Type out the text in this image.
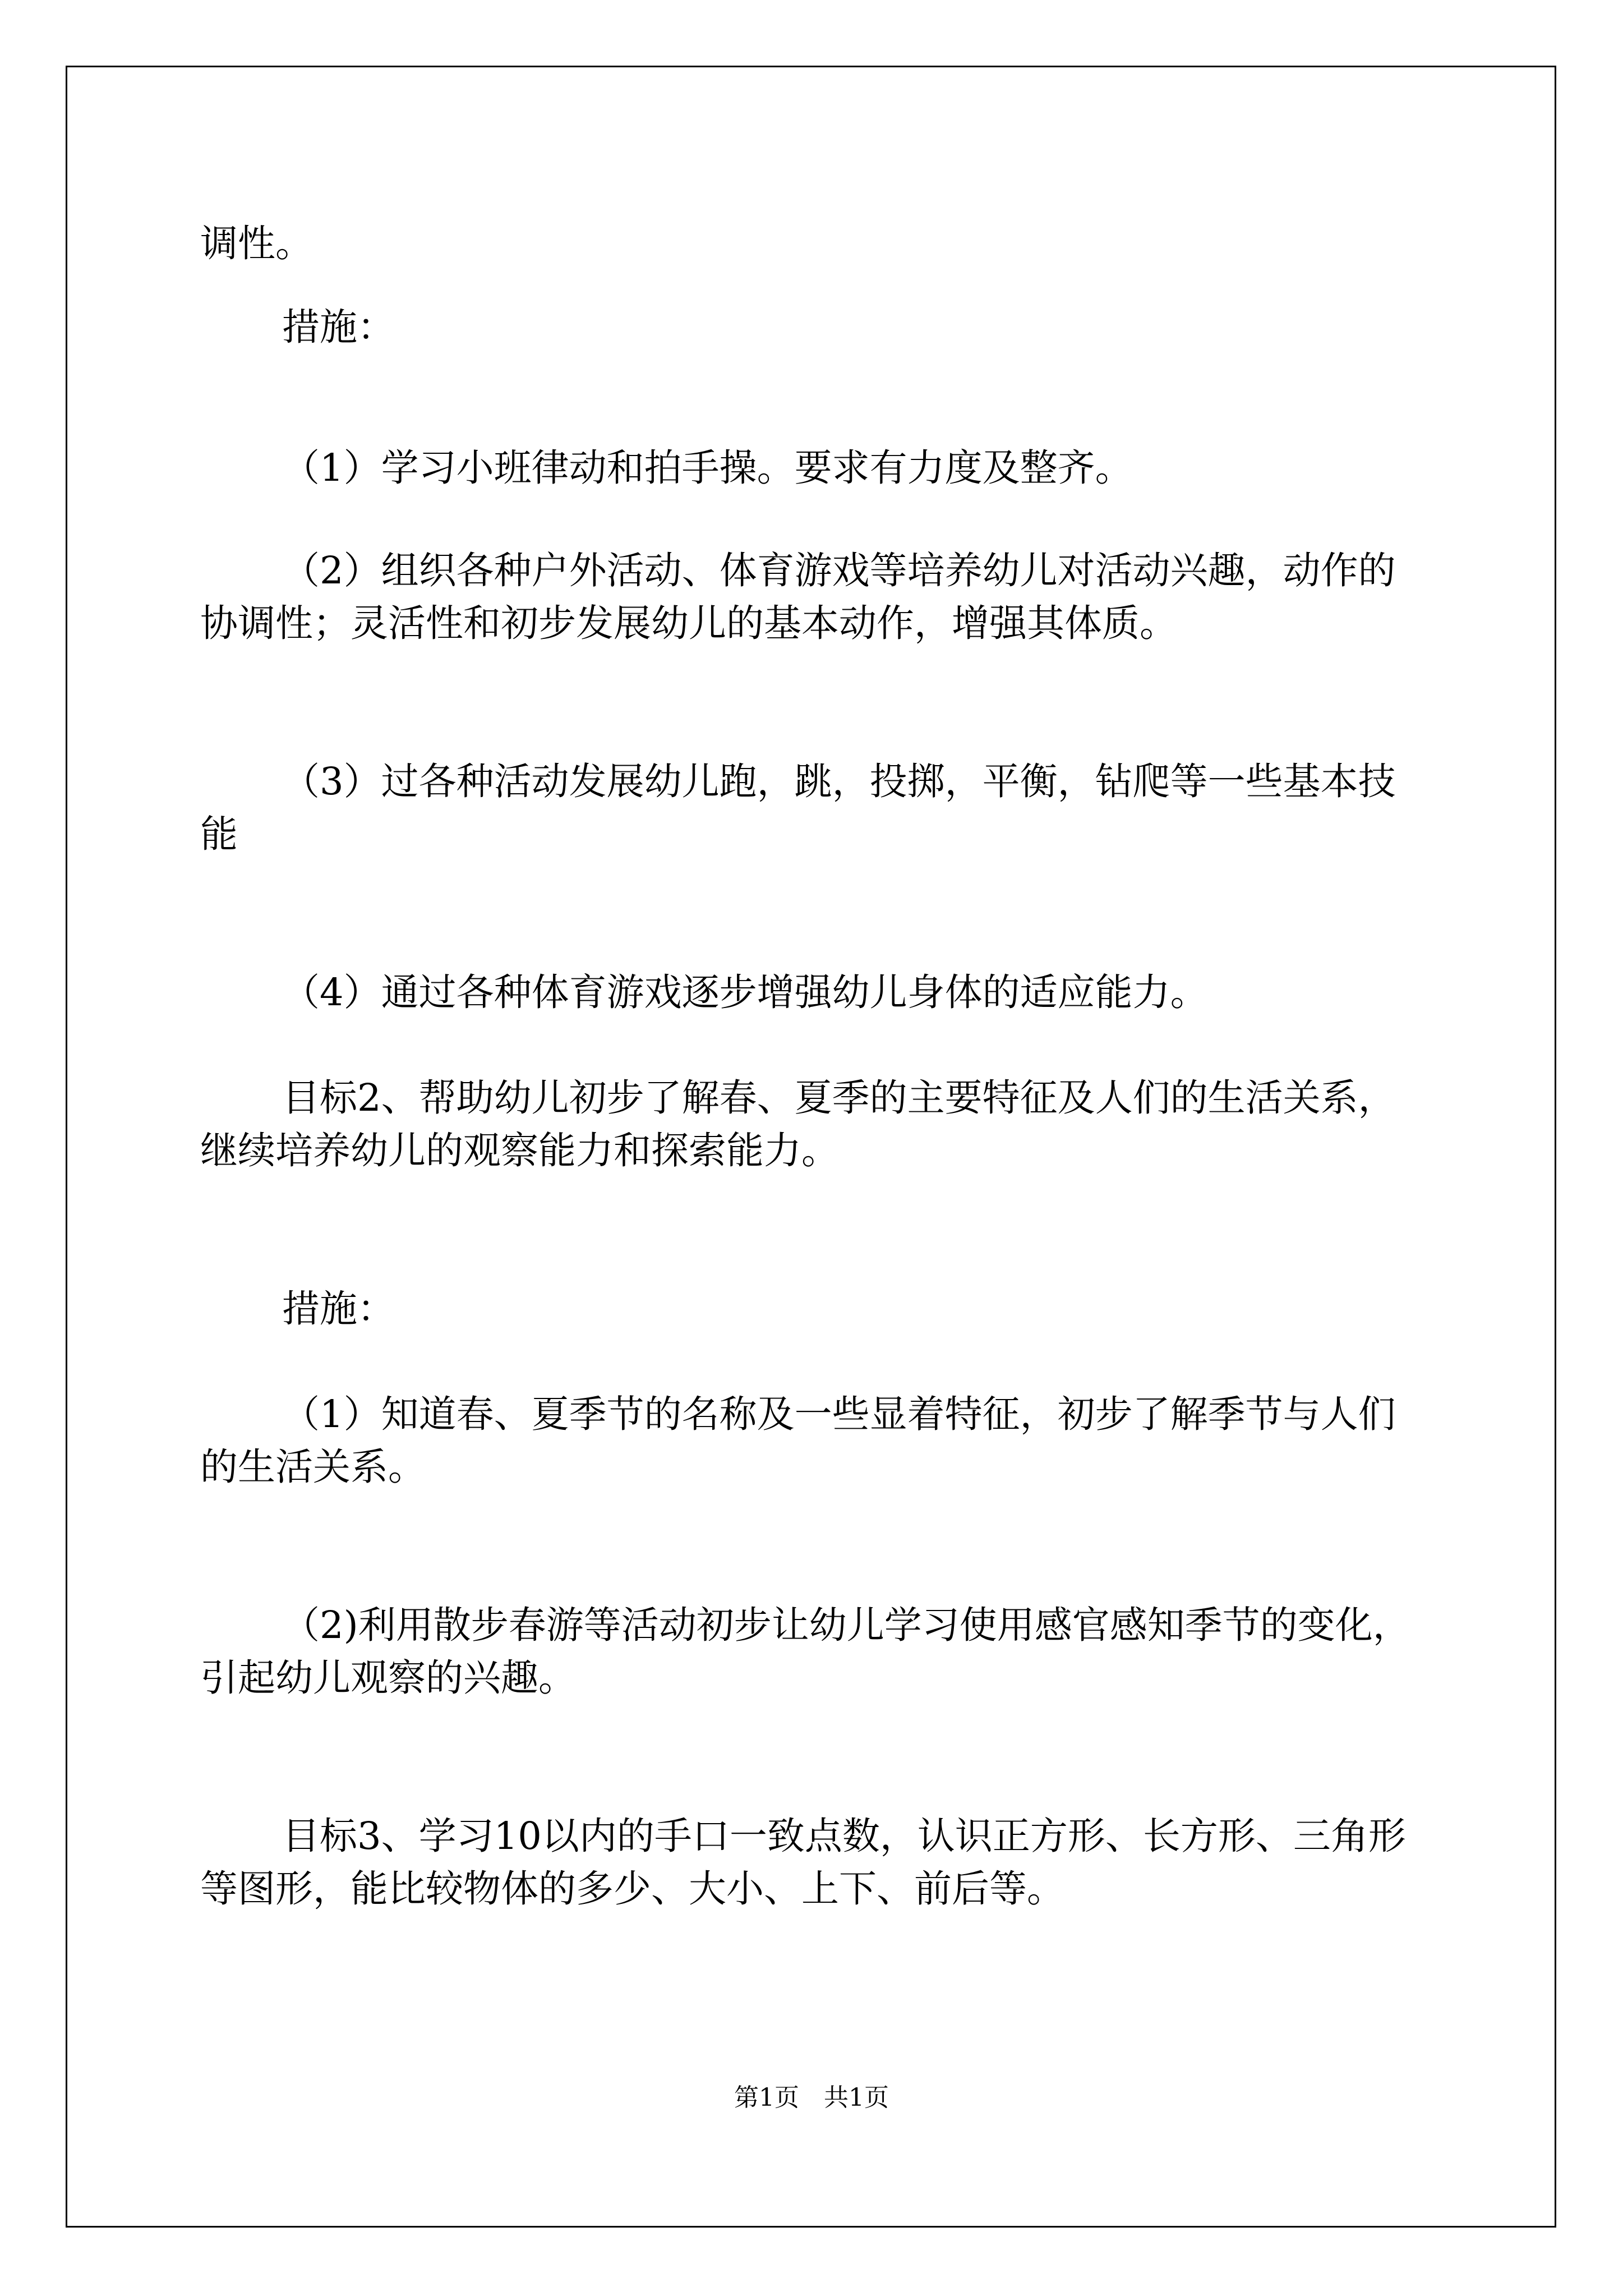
调性。

措施：

（1）学习小班律动和拍手操。要求有力度及整齐。

（2）组织各种户外活动、体育游戏等培养幼儿对活动兴趣，动作的协调性；灵活性和初步发展幼儿的基本动作，增强其体质。

（3）过各种活动发展幼儿跑，跳，投掷，平衡，钻爬等一些基本技能

（4）通过各种体育游戏逐步增强幼儿身体的适应能力。

目标2、帮助幼儿初步了解春、夏季的主要特征及人们的生活关系，继续培养幼儿的观察能力和探索能力。

措施：

（1）知道春、夏季节的名称及一些显着特征，初步了解季节与人们的生活关系。

（2)利用散步春游等活动初步让幼儿学习使用感官感知季节的变化，引起幼儿观察的兴趣。

目标3、学习10以内的手口一致点数，认识正方形、长方形、三角形等图形，能比较物体的多少、大小、上下、前后等。

第1页　共1页
